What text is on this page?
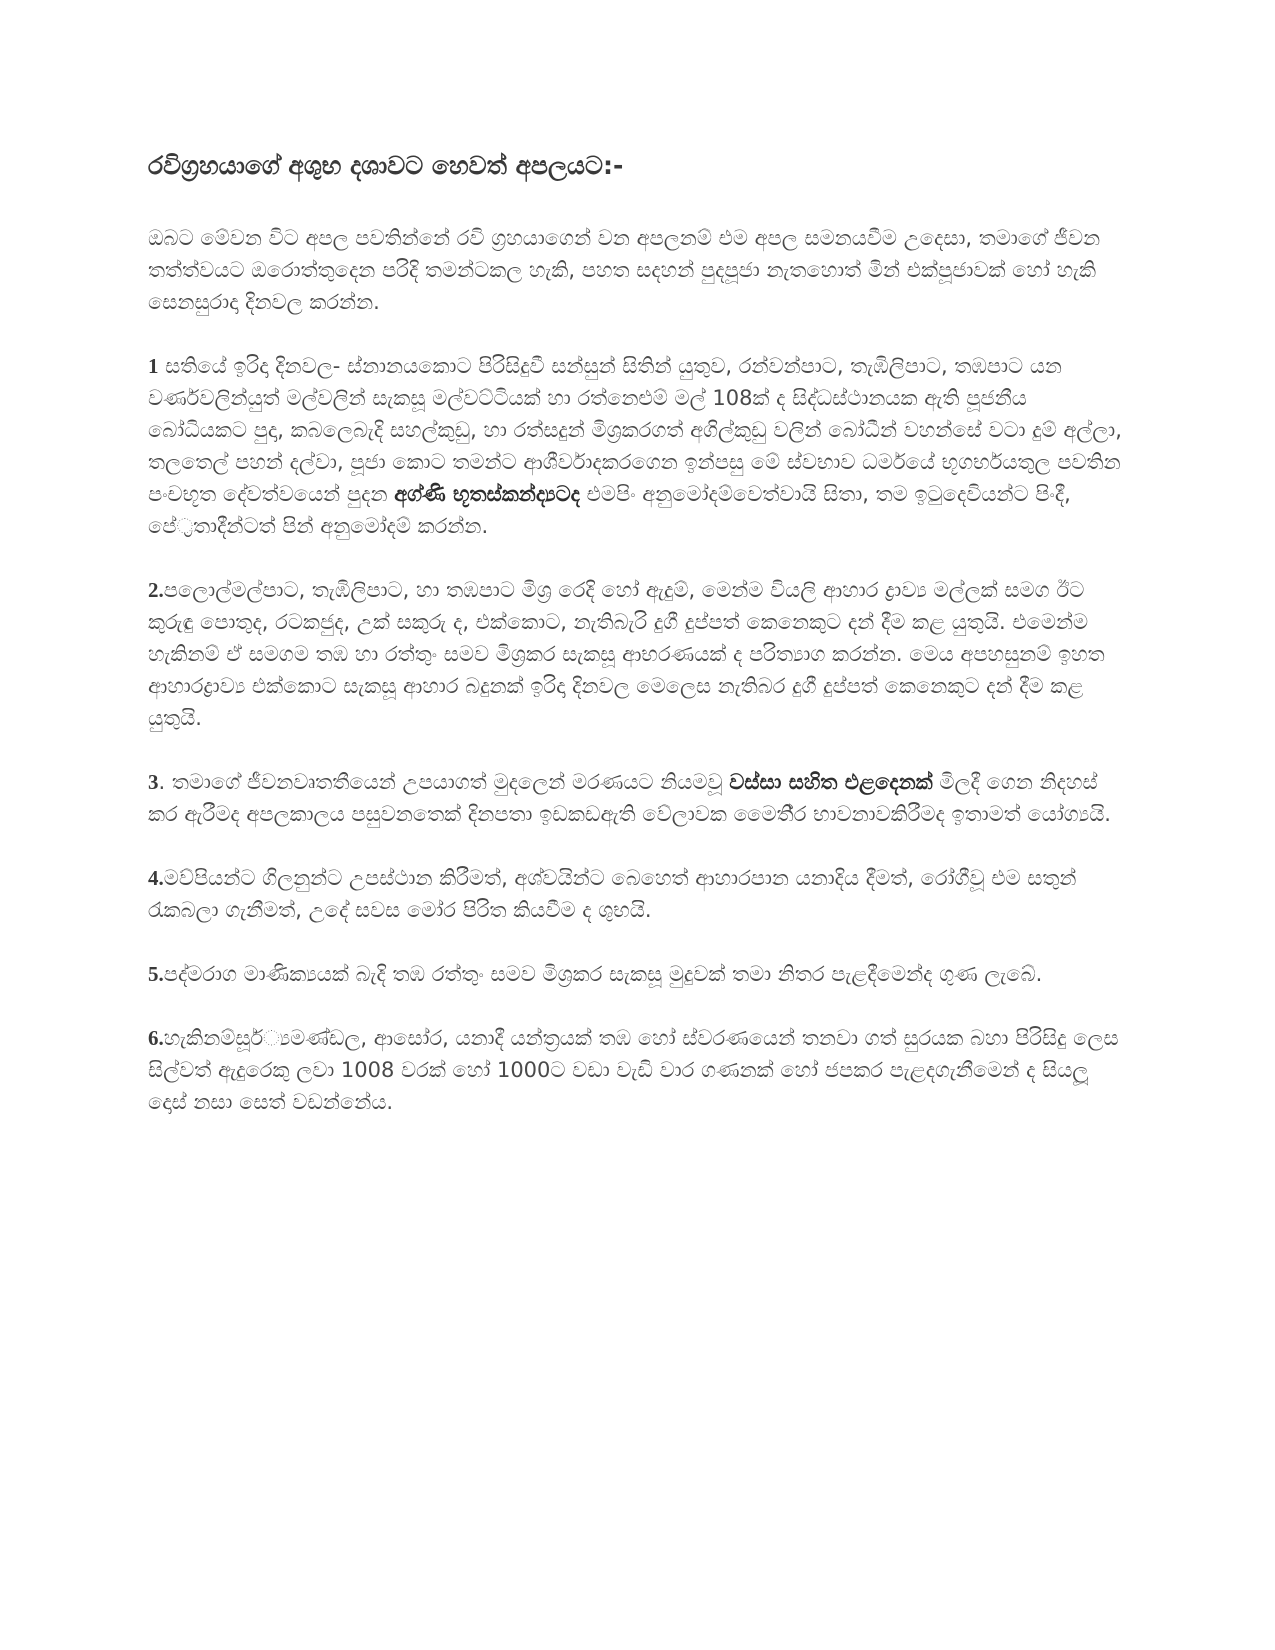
රවිග්‍රහයාගේ අශුභ දශාවට හෙවත් අපලයට:-

ඔබට මේවන විට අපල පවතින්නේ රවි ග්‍රහයාගෙන් වන අපලනම් එම අපල සමනයවීම උදෙසා, තමාගේ ජීවන තත්ත්වයට ඔරොත්තුදෙන පරිදි තමන්ටකල හැකි, පහත සදහන් පුදපූජා නැතහොත් මින් එක්පූජාවක් හෝ හැකි සෙනසුරාදා දිනවල කරන්න.

1 සතියේ ඉරිදා දිනවල- ස්නානයකොට පිරිසිදුවී සන්සුන් සිතින් යුතුව, රන්වන්පාට, තැඹිලිපාට, තඹපාට යන වර්ණවලින්යුත් මල්වලින් සැකසූ මල්වට්ටියක් හා රත්නෙළුම් මල් 108ක් ද සිද්ධස්ථානයක ඇති පූජනීය බෝධියකට පුදා, කබලෙබැදි සහල්කුඩු, හා රත්සදුන් මිශ්‍රකරගත් අගිල්කුඩු වලින් බෝධීන් වහන්සේ වටා දුම් අල්ලා, තලතෙල් පහන් දල්වා, පූජා කොට තමන්ට ආශීර්වාදකරගෙන ඉන්පසු මේ ස්වභාව ධර්මයේ භූගර්භයතුල පවතින පංචභූත දේවත්වයෙන් පුදන අග්ණි භූතස්කන්ද්‍යටද එමපිං අනුමෝදම්වෙත්වායි සිතා, තම ඉටුදෙවියන්ට පිංදී, පේ්‍රතාදීන්ටත් පින් අනුමෝදම් කරන්න.

2.පලොල්මල්පාට, තැඹිලිපාට, හා තඹපාට මිශ්‍ර රෙදි හෝ ඇදුම්, මෙන්ම වියලි ආහාර ද්‍රාව්‍ය මල්ලක් සමග ඊට කුරුඳු පොතුද, රටකජුද, උක් සකුරු ද, එක්කොට, නැතිබැරි දුගී දුප්පත් කෙනෙකුට දන් දීම කළ යුතුයි. එමෙන්ම හැකිනම් ඒ සමගම තඹ හා රත්තුං සමව මිශ්‍රකර සැකසූ ආභරණයක් ද පරිත්‍යාග කරන්න. මෙය අපහසුනම් ඉහත ආහාරද්‍රාව්‍ය එක්කොට සැකසූ ආහාර බදුනක් ඉරිදා දිනවල මෙලෙස නැතිබර දුගී දුප්පත් කෙනෙකුට දන් දීම කළ යුතුයි.

3. තමාගේ ජීවනවෘතතීයෙන් උපයාගත් මුදලෙන් මරණයට නියමවූ වස්සා සහිත එළදෙනක් මිලදී ගෙන නිදහස් කර ඇරීමද අපලකාලය පසුවනතෙක් දිනපතා ඉඩකඩඇති වේලාවක මෛති්‍ර භාවනාවකිරීමද ඉතාමත් යෝග්‍යයි.

4.මව්පියන්ට ගිලනුන්ට උපස්ථාන කිරීමත්, අශ්වයින්ට බෙහෙත් ආහාරපාන යනාදිය දීමත්, රෝගීවූ එම සතුන් රැකබලා ගැනීමත්, උදේ සවස මෝර පිරිත කියවීම ද ශුභයි.

5.පද්මරාග මාණික්‍යයක් බැදි තඹ රත්තුං සමව මිශ්‍රකර සැකසූ මුදුවක් තමා නිතර පැළදීමෙන්ද ගුණ ලැබේ.

6.හැකිනම්සූර්්‍යමණ්ඩල, ආසෝර, යනාදී යන්ත්‍රයක් තඹ හෝ ස්වරණයෙන් තනවා ගත් සුරයක බහා පිරිසිදු ලෙස සිල්වත් ඇදුරෙකු ලවා 1008 වරක් හෝ 1000ට වඩා වැඩි වාර ගණනක් හෝ ජපකර පැළදගැනීමෙන් ද සියලූ දොස් නසා සෙත් වඩන්නේය.
